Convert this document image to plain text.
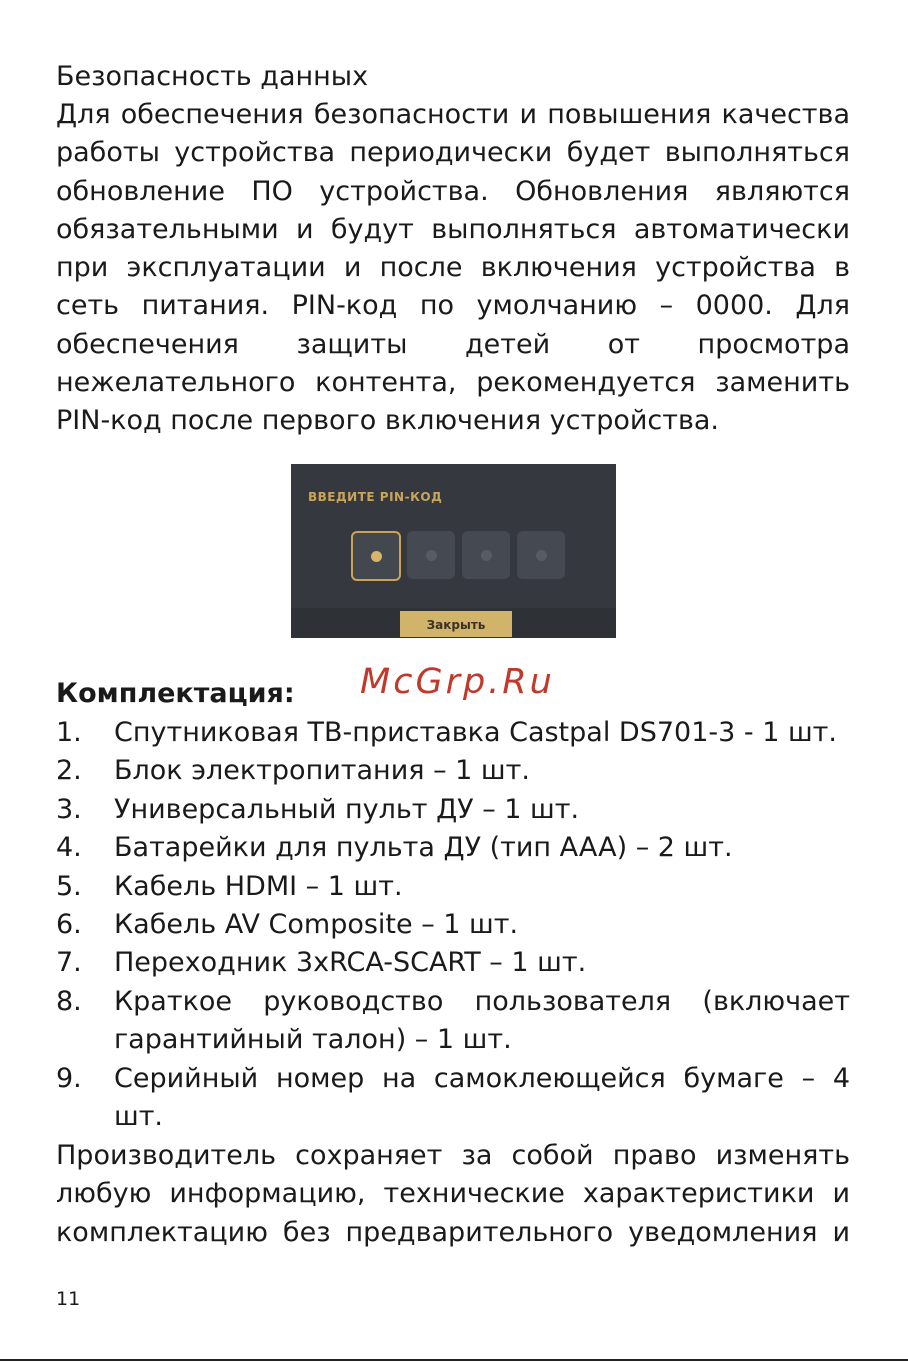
Безопасность данных

Для обеспечения безопасности и повышения качества работы устройства периодически будет выполняться обновление ПО устройства. Обновления являются обязательными и будут выполняться автоматически при эксплуатации и после включения устройства в сеть питания. PIN-код по умолчанию – 0000. Для обеспечения защиты детей от просмотра нежелательного контента, рекомендуется заменить PIN-код после первого включения устройства.

ВВЕДИТЕ PIN-КОД
Закрыть
McGrp.Ru
Комплектация:
1.	Спутниковая ТВ-приставка Castpal DS701-3 - 1 шт.
2.	Блок электропитания – 1 шт.
3.	Универсальный пульт ДУ – 1 шт.
4.	Батарейки для пульта ДУ (тип AAA) – 2 шт.
5.	Кабель HDMI – 1 шт.
6.	Кабель AV Composite – 1 шт.
7.	Переходник 3xRCA-SCART – 1 шт.
8.	Краткое руководство пользователя (включает гарантийный талон) – 1 шт.
9.	Серийный номер на самоклеющейся бумаге – 4 шт.

Производитель сохраняет за собой право изменять любую информацию, технические характеристики и комплектацию без предварительного уведомления и

11
